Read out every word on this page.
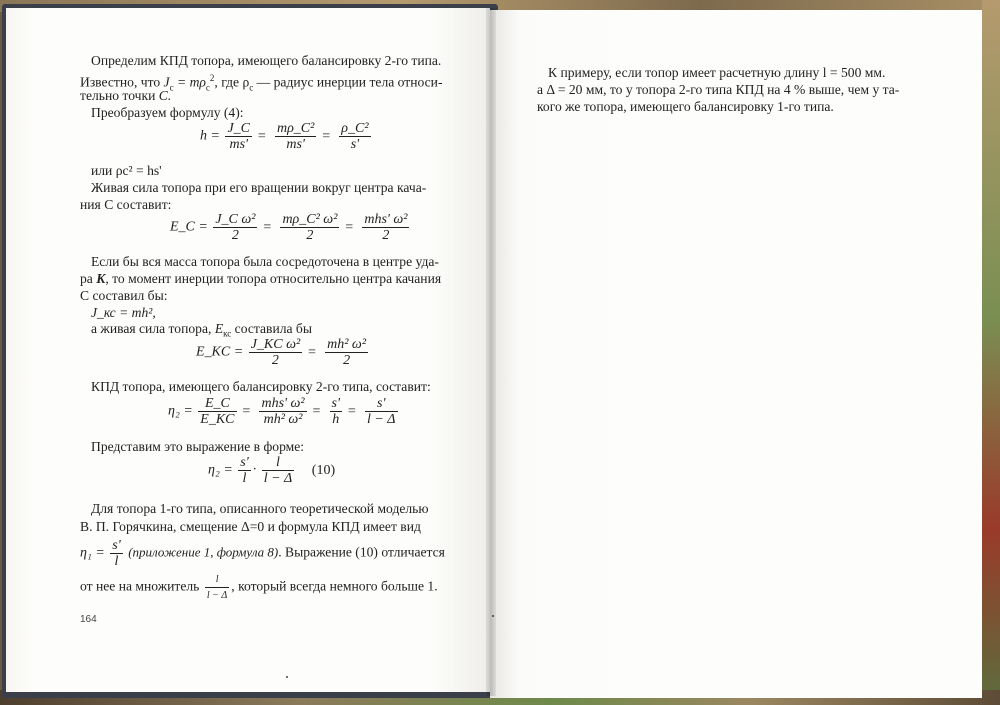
Определим КПД топора, имеющего балансировку 2-го типа.
Известно, что $J_c = m\rho_c^2$, где $\rho_c$ — радиус инерции тела относи-
тельно точки C.
Преобразуем формулу (4):
$h = \frac{J\_C}{ms'} = \frac{\text{mρ\_C²}}{ms'} = \frac{\text{ρ\_C²}}{s'}$
или ρc² = hs'
Живая сила топора при его вращении вокруг центра кача-
ния С составит:
E_C = $\frac{\text{J\_C ω²}}{2} = \frac{\text{mρ\_C² ω²}}{2} = \frac{\text{mhs' ω²}}{2}$
Если бы вся масса топора была сосредоточена в центре уда-
ра K, то момент инерции топора относительно центра качания
С составил бы:
J_кс = mh²,
а живая сила топора, $E_{кс}$ составила бы
E_KC = $\frac{\text{J\_KC ω²}}{2} = \frac{\text{mh² ω²}}{2}$
КПД топора, имеющего балансировку 2-го типа, составит:
$\eta_2 = \frac{E\_C}{E\_KC} = \frac{\text{mhs' ω²}}{\text{mh² ω²}} = \frac{s'}{h} = \frac{s'}{l - \Delta}$
Представим это выражение в форме:
$\eta_2 = \frac{s'}{l} \cdot \frac{l}{l - \Delta} (10)$
Для топора 1-го типа, описанного теоретической моделью
В. П. Горячкина, смещение Δ=0 и формула КПД имеет вид
$\eta_1 = \frac{s'}{l}$ (приложение 1, формула 8). Выражение (10) отличается
от нее на множитель $\frac{l}{l - \Delta}$ , который всегда немного больше 1.
164
К примеру, если топор имеет расчетную длину l = 500 мм.
а Δ = 20 мм, то у топора 2-го типа КПД на 4 % выше, чем у та-
кого же топора, имеющего балансировку 1-го типа.
